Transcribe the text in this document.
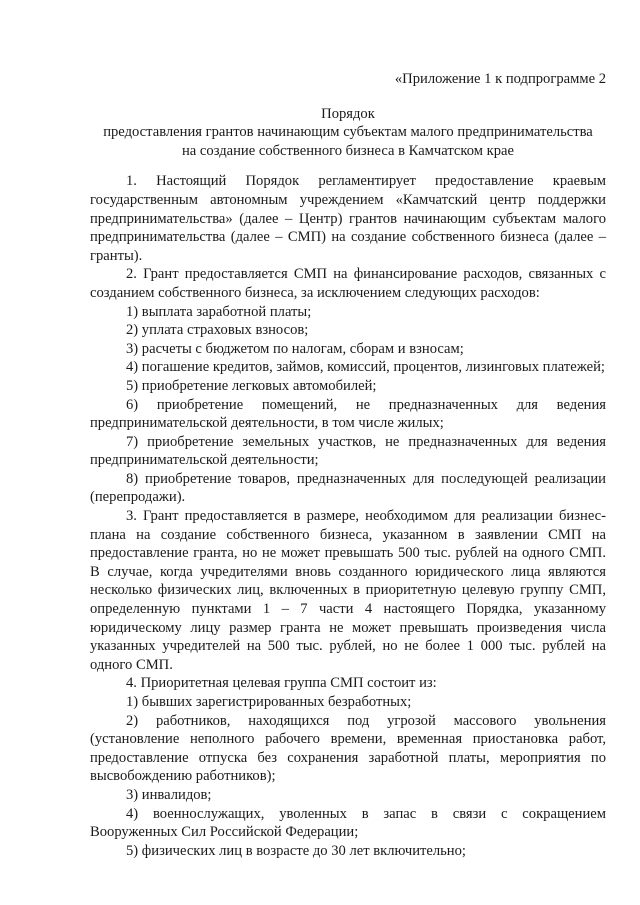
«Приложение 1 к подпрограмме 2

Порядок

предоставления грантов начинающим субъектам малого предпринимательства

на создание собственного бизнеса в Камчатском крае

1. Настоящий Порядок регламентирует предоставление краевым государственным автономным учреждением «Камчатский центр поддержки предпринимательства» (далее – Центр) грантов начинающим субъектам малого предпринимательства (далее – СМП) на создание собственного бизнеса (далее – гранты).

2. Грант предоставляется СМП на финансирование расходов, связанных с созданием собственного бизнеса, за исключением следующих расходов:

1) выплата заработной платы;

2) уплата страховых взносов;

3) расчеты с бюджетом по налогам, сборам и взносам;

4) погашение кредитов, займов, комиссий, процентов, лизинговых платежей;

5) приобретение легковых автомобилей;

6) приобретение помещений, не предназначенных для ведения предпринимательской деятельности, в том числе жилых;

7) приобретение земельных участков, не предназначенных для ведения предпринимательской деятельности;

8) приобретение товаров, предназначенных для последующей реализации (перепродажи).

3. Грант предоставляется в размере, необходимом для реализации бизнес-плана на создание собственного бизнеса, указанном в заявлении СМП на предоставление гранта, но не может превышать 500 тыс. рублей на одного СМП. В случае, когда учредителями вновь созданного юридического лица являются несколько физических лиц, включенных в приоритетную целевую группу СМП, определенную пунктами 1 – 7 части 4 настоящего Порядка, указанному юридическому лицу размер гранта не может превышать произведения числа указанных учредителей на 500 тыс. рублей, но не более 1 000 тыс. рублей на одного СМП.

4. Приоритетная целевая группа СМП состоит из:

1) бывших зарегистрированных безработных;

2) работников, находящихся под угрозой массового увольнения (установление неполного рабочего времени, временная приостановка работ, предоставление отпуска без сохранения заработной платы, мероприятия по высвобождению работников);

3) инвалидов;

4) военнослужащих, уволенных в запас в связи с сокращением Вооруженных Сил Российской Федерации;

5) физических лиц в возрасте до 30 лет включительно;
